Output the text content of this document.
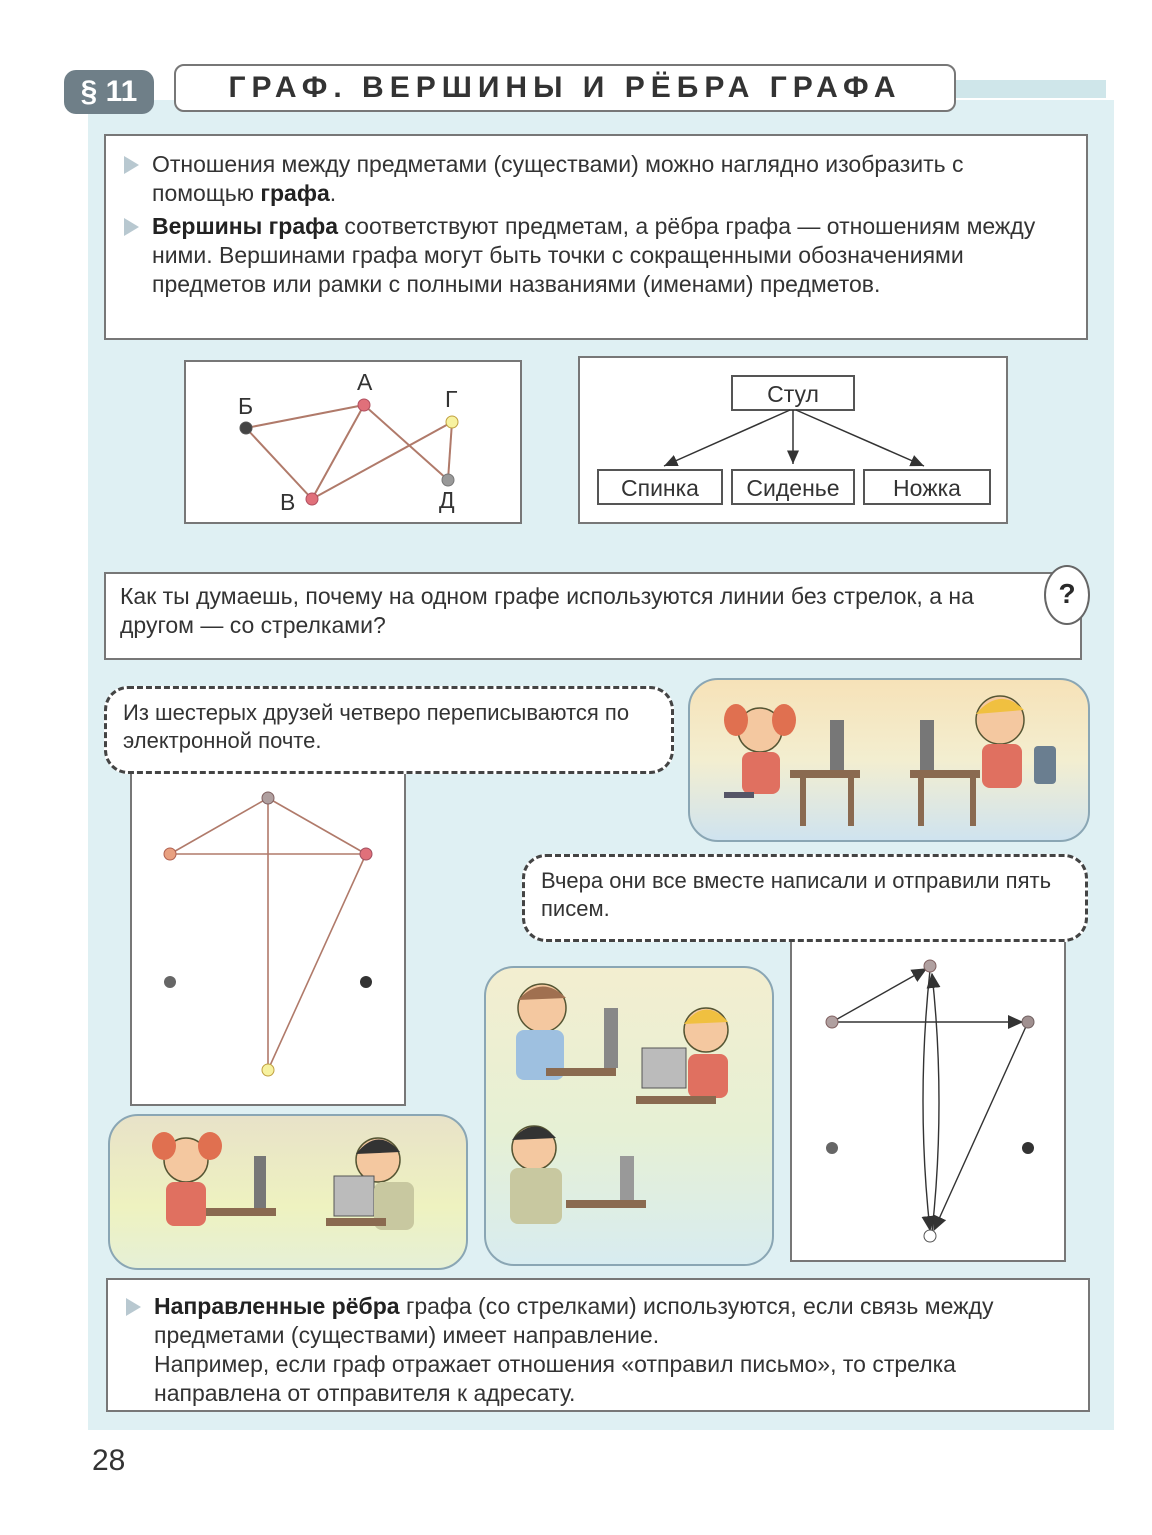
§ 11	ГРАФ. ВЕРШИНЫ И РЁБРА ГРАФА

Отношения между предметами (существами) можно наглядно изобразить с помощью графа.

Вершины графа соответствуют предметам, а рёбра графа — отношениям между ними. Вершинами графа могут быть точки с сокращенными обозначениями предметов или рамки с полными названиями (именами) предметов.

Б
А
Г
В	Д
Стул
Спинка Сиденье Ножка
Как ты думаешь, почему на одном графе используются линии без стрелок, а на другом — со стрелками?
?
Из шестерых друзей четверо переписываются по электронной почте.
Вчера они все вместе написали и отправили пять писем.

Направленные рёбра графа (со стрелками) используются, если связь между предметами (существами) имеет направление.

Например, если граф отражает отношения «отправил письмо», то стрелка направлена от отправителя к адресату.
28
